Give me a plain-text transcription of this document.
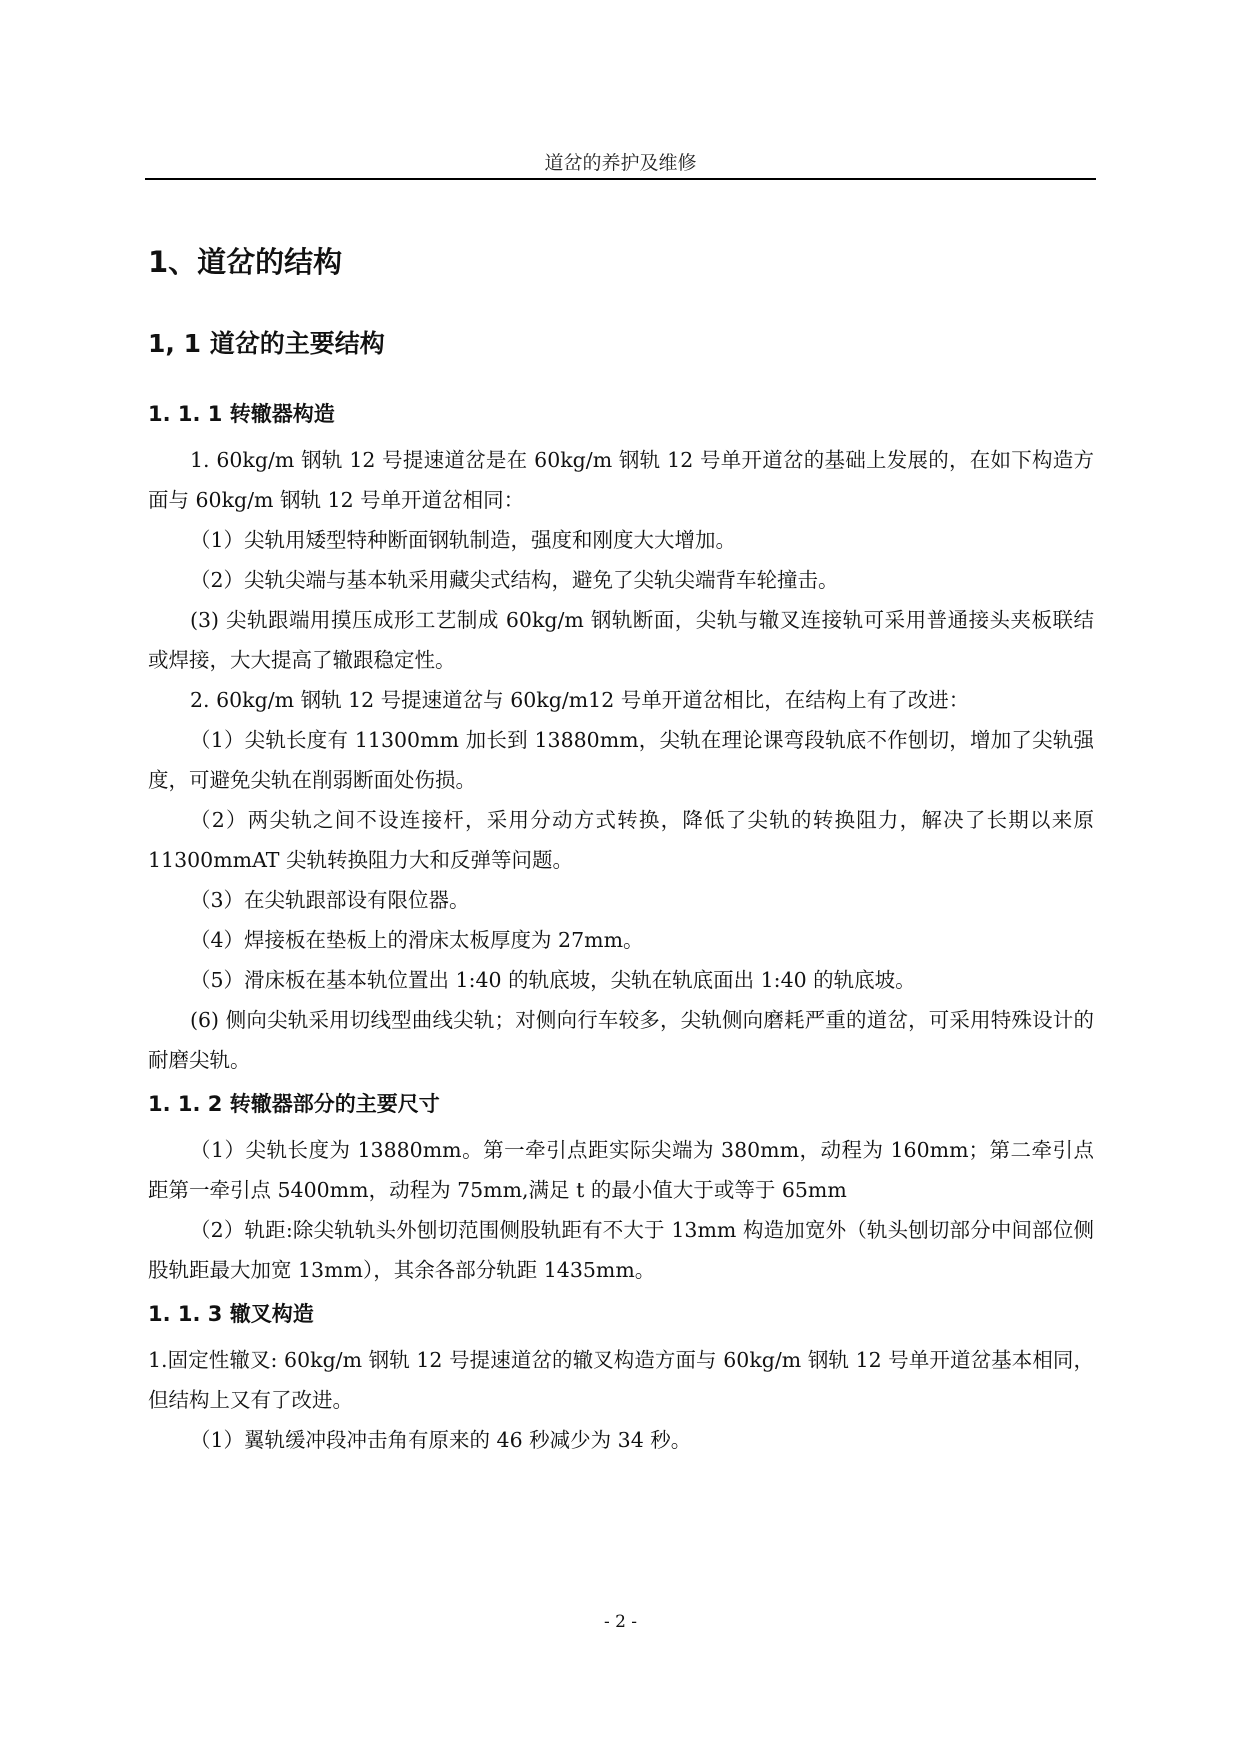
道岔的养护及维修
1、道岔的结构
1, 1 道岔的主要结构
1. 1. 1 转辙器构造

1. 60kg/m 钢轨 12 号提速道岔是在 60kg/m 钢轨 12 号单开道岔的基础上发展的，在如下构造方面与 60kg/m 钢轨 12 号单开道岔相同：

（1）尖轨用矮型特种断面钢轨制造，强度和刚度大大增加。

（2）尖轨尖端与基本轨采用藏尖式结构，避免了尖轨尖端背车轮撞击。

(3) 尖轨跟端用摸压成形工艺制成 60kg/m 钢轨断面，尖轨与辙叉连接轨可采用普通接头夹板联结或焊接，大大提高了辙跟稳定性。

2. 60kg/m 钢轨 12 号提速道岔与 60kg/m12 号单开道岔相比，在结构上有了改进：

（1）尖轨长度有 11300mm 加长到 13880mm，尖轨在理论课弯段轨底不作刨切，增加了尖轨强度，可避免尖轨在削弱断面处伤损。

（2）两尖轨之间不设连接杆，采用分动方式转换，降低了尖轨的转换阻力，解决了长期以来原 11300mmAT 尖轨转换阻力大和反弹等问题。

（3）在尖轨跟部设有限位器。

（4）焊接板在垫板上的滑床太板厚度为 27mm。

（5）滑床板在基本轨位置出 1:40 的轨底坡，尖轨在轨底面出 1:40 的轨底坡。

(6) 侧向尖轨采用切线型曲线尖轨；对侧向行车较多，尖轨侧向磨耗严重的道岔，可采用特殊设计的耐磨尖轨。

1. 1. 2 转辙器部分的主要尺寸

（1）尖轨长度为 13880mm。第一牵引点距实际尖端为 380mm，动程为 160mm；第二牵引点距第一牵引点 5400mm，动程为 75mm,满足 t 的最小值大于或等于 65mm

（2）轨距:除尖轨轨头外刨切范围侧股轨距有不大于 13mm 构造加宽外（轨头刨切部分中间部位侧股轨距最大加宽 13mm），其余各部分轨距 1435mm。

1. 1. 3 辙叉构造

1.固定性辙叉: 60kg/m 钢轨 12 号提速道岔的辙叉构造方面与 60kg/m 钢轨 12 号单开道岔基本相同，但结构上又有了改进。

（1）翼轨缓冲段冲击角有原来的 46 秒减少为 34 秒。

- 2 -
